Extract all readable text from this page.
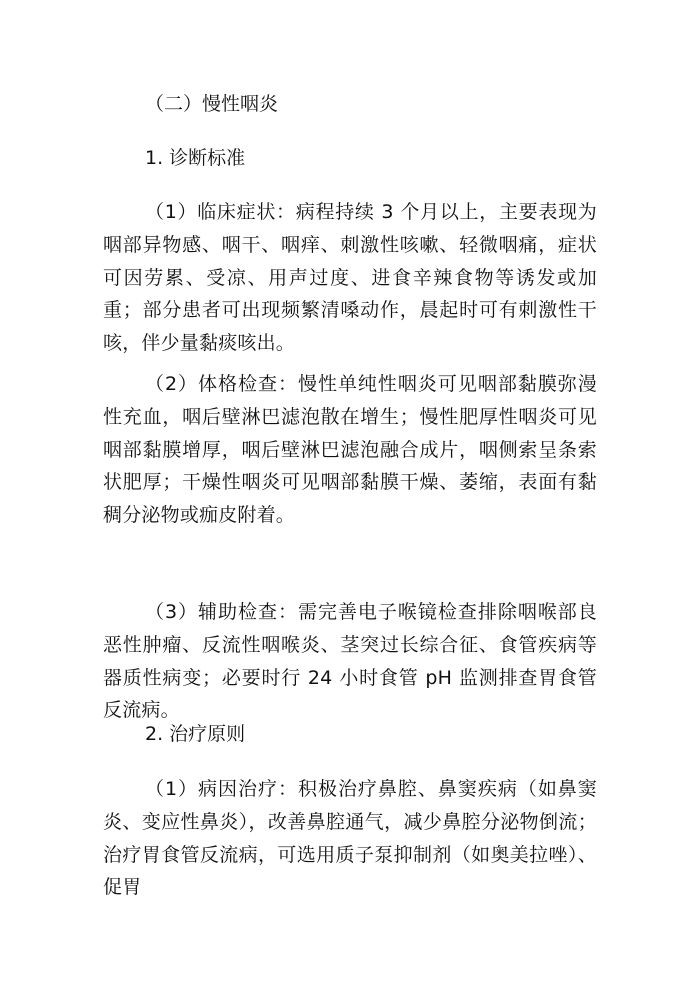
（二）慢性咽炎
1. 诊断标准
（1）临床症状：病程持续 3 个月以上，主要表现为咽部异物感、咽干、咽痒、刺激性咳嗽、轻微咽痛，症状可因劳累、受凉、用声过度、进食辛辣食物等诱发或加重；部分患者可出现频繁清嗓动作，晨起时可有刺激性干咳，伴少量黏痰咳出。
（2）体格检查：慢性单纯性咽炎可见咽部黏膜弥漫性充血，咽后壁淋巴滤泡散在增生；慢性肥厚性咽炎可见咽部黏膜增厚，咽后壁淋巴滤泡融合成片，咽侧索呈条索状肥厚；干燥性咽炎可见咽部黏膜干燥、萎缩，表面有黏稠分泌物或痂皮附着。
（3）辅助检查：需完善电子喉镜检查排除咽喉部良恶性肿瘤、反流性咽喉炎、茎突过长综合征、食管疾病等器质性病变；必要时行 24 小时食管 pH 监测排查胃食管反流病。
2. 治疗原则
（1）病因治疗：积极治疗鼻腔、鼻窦疾病（如鼻窦炎、变应性鼻炎），改善鼻腔通气，减少鼻腔分泌物倒流；治疗胃食管反流病，可选用质子泵抑制剂（如奥美拉唑）、促胃
